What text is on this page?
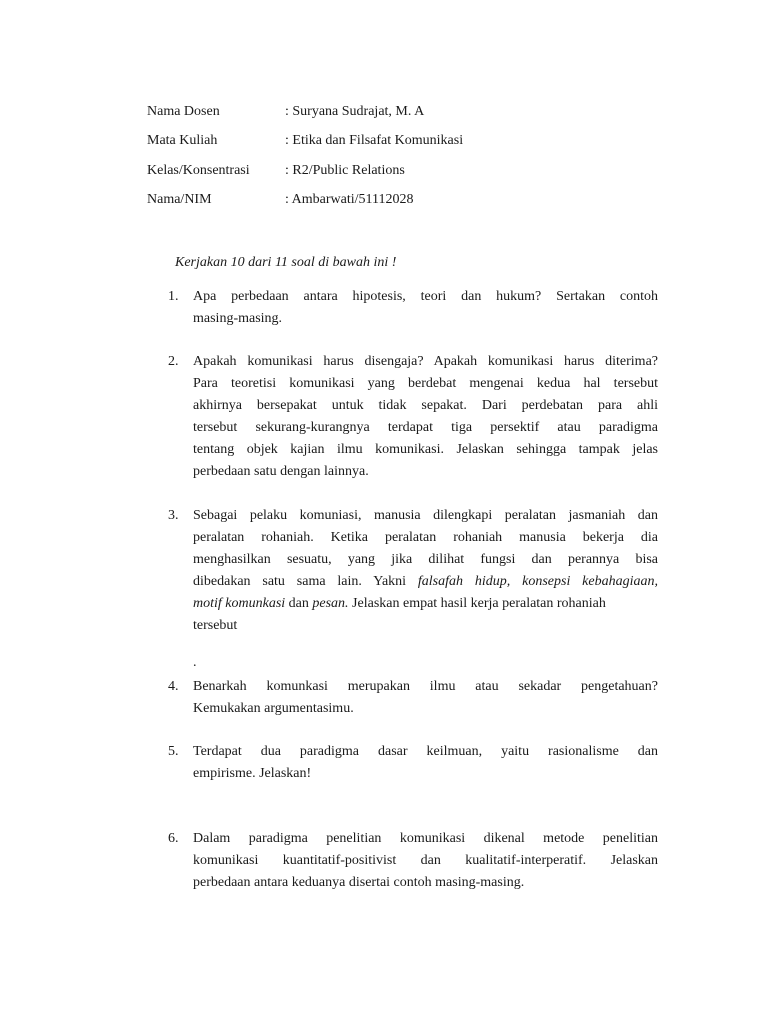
Nama Dosen	: Suryana Sudrajat, M. A
Mata Kuliah	: Etika dan Filsafat Komunikasi
Kelas/Konsentrasi	: R2/Public Relations
Nama/NIM	: Ambarwati/51112028
Kerjakan 10 dari 11 soal di bawah ini !
1.	Apa perbedaan antara hipotesis, teori dan hukum? Sertakan contoh
masing-masing.
2.	Apakah komunikasi harus disengaja? Apakah komunikasi harus diterima?
Para teoretisi komunikasi yang berdebat mengenai kedua hal tersebut
akhirnya bersepakat untuk tidak sepakat. Dari perdebatan para ahli
tersebut sekurang-kurangnya terdapat tiga persektif atau paradigma
tentang objek kajian ilmu komunikasi. Jelaskan sehingga tampak jelas
perbedaan satu dengan lainnya.
3.	Sebagai pelaku komuniasi, manusia dilengkapi peralatan jasmaniah dan
peralatan rohaniah. Ketika peralatan rohaniah manusia bekerja dia
menghasilkan sesuatu, yang jika dilihat fungsi dan perannya bisa
dibedakan satu sama lain. Yakni falsafah hidup, konsepsi kebahagiaan,
motif komunkasi dan pesan. Jelaskan empat hasil kerja peralatan rohaniah
tersebut
.
4.	Benarkah komunkasi merupakan ilmu atau sekadar pengetahuan?
Kemukakan argumentasimu.
5.	Terdapat dua paradigma dasar keilmuan, yaitu rasionalisme dan
empirisme. Jelaskan!
6.	Dalam paradigma penelitian komunikasi dikenal metode penelitian
komunikasi kuantitatif-positivist dan kualitatif-interperatif. Jelaskan
perbedaan antara keduanya disertai contoh masing-masing.
